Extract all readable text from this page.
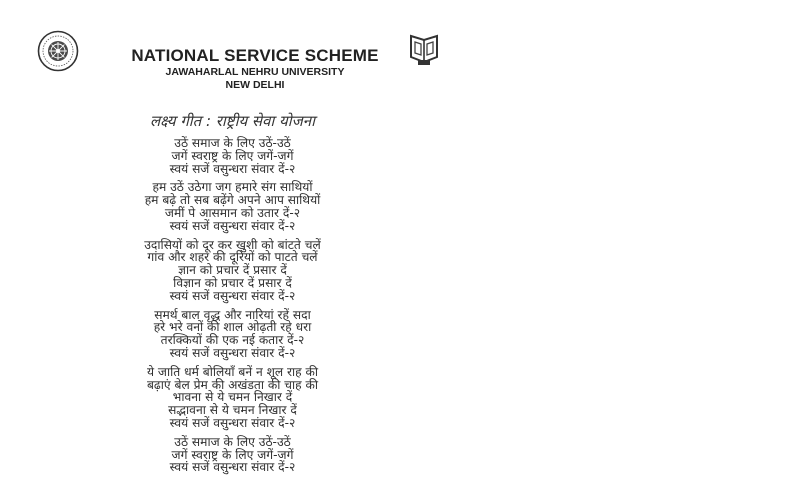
NATIONAL SERVICE SCHEME
JAWAHARLAL NEHRU UNIVERSITY
NEW DELHI
लक्ष्य गीत : राष्ट्रीय सेवा योजना
उठें समाज के लिए उठें-उठें
जगें स्वराष्ट्र के लिए जगें-जगें
स्वयं सजें वसुन्धरा संवार दें-२
हम उठें उठेगा जग हमारे संग साथियों
हम बढ़े तो सब बढ़ेंगे अपने आप साथियों
जमीं पे आसमान को उतार दें-२
स्वयं सजें वसुन्धरा संवार दें-२
उदासियों को दूर कर खुशी को बांटते चलें
गांव और शहर की दूरियों को पाटते चलें
ज्ञान को प्रचार दें प्रसार दें
विज्ञान को प्रचार दें प्रसार दें
स्वयं सजें वसुन्धरा संवार दें-२
समर्थ बाल वृद्ध और नारियां रहें सदा
हरे भरे वनों की शाल ओढ़ती रहे धरा
तरक्कियों की एक नई कतार दें-२
स्वयं सजें वसुन्धरा संवार दें-२
ये जाति धर्म बोलियाँ बनें न शूल राह की
बढ़ाएं बेल प्रेम की अखंडता की चाह की
भावना से ये चमन निखार दें
सद्भावना से ये चमन निखार दें
स्वयं सजें वसुन्धरा संवार दें-२
उठें समाज के लिए उठें-उठें
जगें स्वराष्ट्र के लिए जगें-जगें
स्वयं सजें वसुन्धरा संवार दें-२
